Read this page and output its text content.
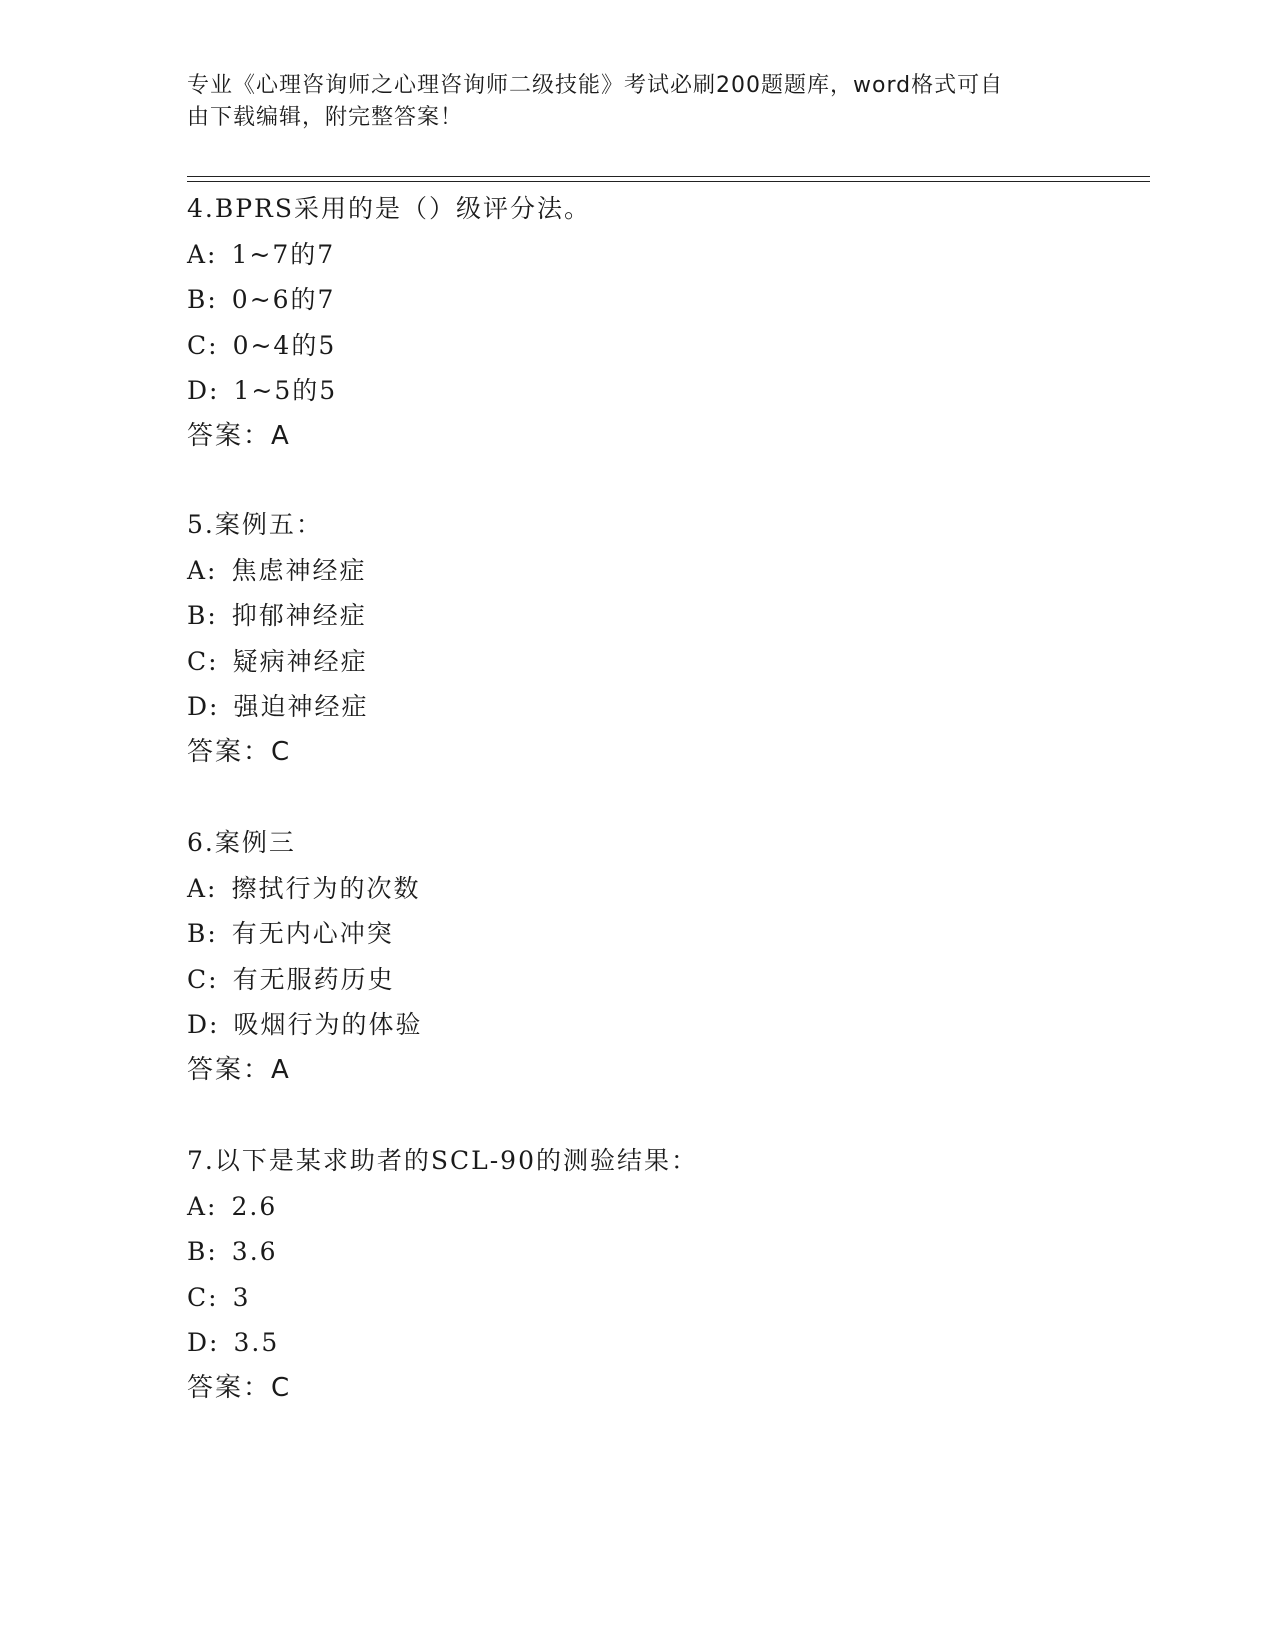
专业《心理咨询师之心理咨询师二级技能》考试必刷200题题库，word格式可自
由下载编辑，附完整答案！
4.BPRS采用的是（）级评分法。
A: 1~7的7
B: 0~6的7
C: 0~4的5
D: 1~5的5
答案：A
5.案例五：
A: 焦虑神经症
B: 抑郁神经症
C: 疑病神经症
D: 强迫神经症
答案：C
6.案例三
A: 擦拭行为的次数
B: 有无内心冲突
C: 有无服药历史
D: 吸烟行为的体验
答案：A
7.以下是某求助者的SCL-90的测验结果：
A: 2.6
B: 3.6
C: 3
D: 3.5
答案：C
